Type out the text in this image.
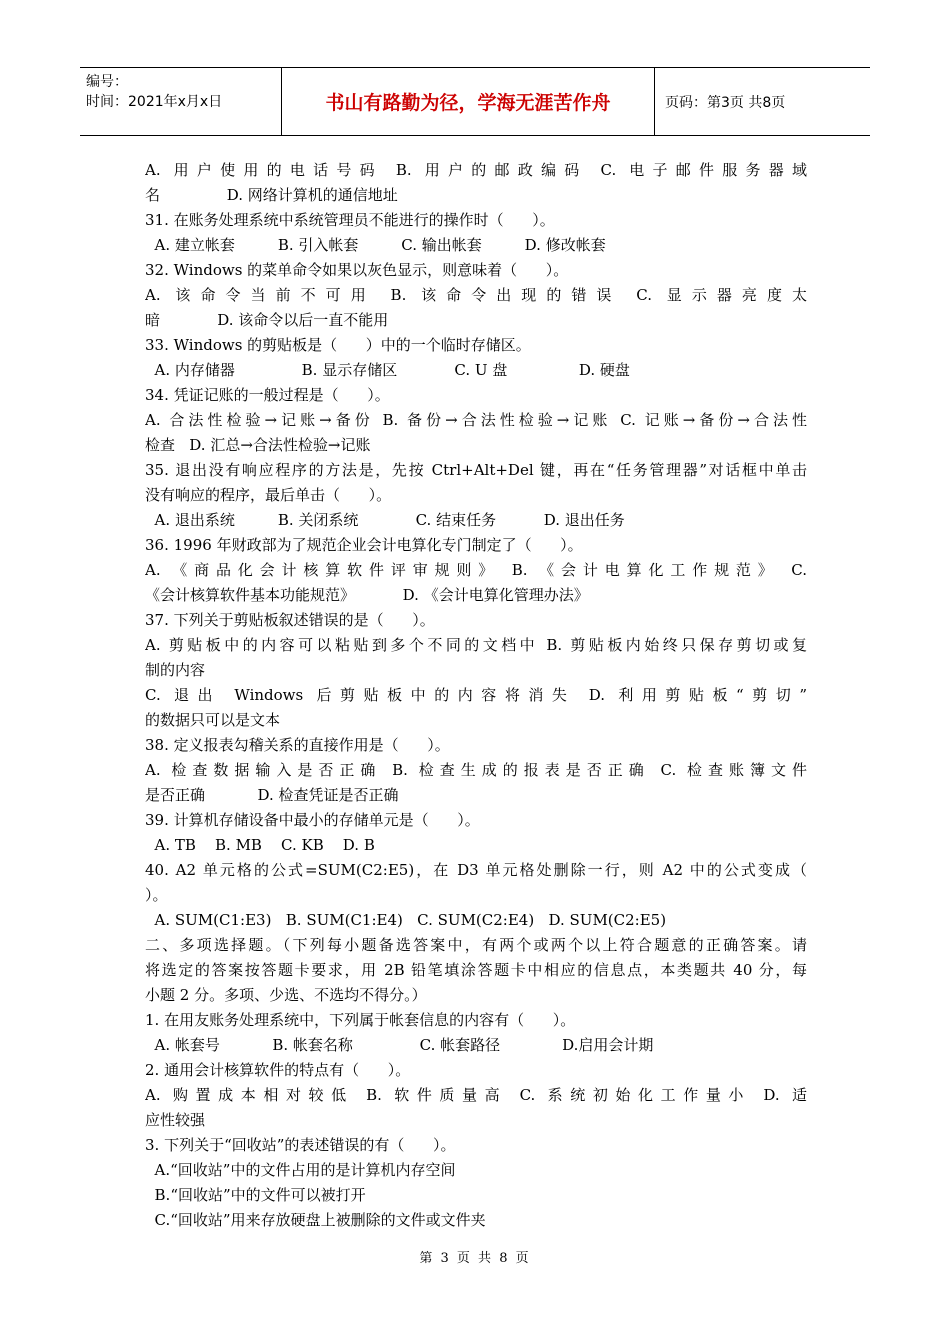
编号：
时间：2021年x月x日	书山有路勤为径，学海无涯苦作舟	页码：第3页 共8页
A. 用户使用的电话号码 B. 用户的邮政编码 C. 电子邮件服务器域
名              D. 网络计算机的通信地址
31. 在账务处理系统中系统管理员不能进行的操作时（      ）。
A. 建立帐套         B. 引入帐套         C. 输出帐套         D. 修改帐套
32. Windows 的菜单命令如果以灰色显示，则意味着（      ）。
A. 该命令当前不可用 B. 该命令出现的错误 C. 显示器亮度太
暗            D. 该命令以后一直不能用
33. Windows 的剪贴板是（      ）中的一个临时存储区。
A. 内存储器              B. 显示存储区            C. U 盘               D. 硬盘
34. 凭证记账的一般过程是（      ）。
A. 合法性检验→记账→备份 B. 备份→合法性检验→记账 C. 记账→备份→合法性
检查   D. 汇总→合法性检验→记账
35. 退出没有响应程序的方法是，先按 Ctrl+Alt+Del 键，再在“任务管理器”对话框中单击
没有响应的程序，最后单击（      ）。
A. 退出系统         B. 关闭系统            C. 结束任务          D. 退出任务
36. 1996 年财政部为了规范企业会计电算化专门制定了（      ）。
A. 《商品化会计核算软件评审规则》 B. 《会计电算化工作规范》 C.
《会计核算软件基本功能规范》          D. 《会计电算化管理办法》
37. 下列关于剪贴板叙述错误的是（      ）。
A. 剪贴板中的内容可以粘贴到多个不同的文档中 B. 剪贴板内始终只保存剪切或复
制的内容
C. 退出 Windows 后剪贴板中的内容将消失 D. 利用剪贴板“剪切”
的数据只可以是文本
38. 定义报表勾稽关系的直接作用是（      ）。
A. 检查数据输入是否正确 B. 检查生成的报表是否正确 C. 检查账簿文件
是否正确           D. 检查凭证是否正确
39. 计算机存储设备中最小的存储单元是（      ）。
A. TB    B. MB    C. KB    D. B
40. A2 单元格的公式=SUM(C2:E5)，在 D3 单元格处删除一行，则 A2 中的公式变成（
）。
A. SUM(C1:E3)   B. SUM(C1:E4)   C. SUM(C2:E4)   D. SUM(C2:E5)
二、多项选择题。（下列每小题备选答案中，有两个或两个以上符合题意的正确答案。请
将选定的答案按答题卡要求，用 2B 铅笔填涂答题卡中相应的信息点，本类题共 40 分，每
小题 2 分。多项、少选、不选均不得分。）
1. 在用友账务处理系统中，下列属于帐套信息的内容有（      ）。
A. 帐套号           B. 帐套名称              C. 帐套路径             D.启用会计期
2. 通用会计核算软件的特点有（      ）。
A. 购置成本相对较低 B. 软件质量高 C. 系统初始化工作量小 D. 适
应性较强
3. 下列关于“回收站”的表述错误的有（      ）。
A.“回收站”中的文件占用的是计算机内存空间
B.“回收站”中的文件可以被打开
C.“回收站”用来存放硬盘上被删除的文件或文件夹
第 3 页 共 8 页
